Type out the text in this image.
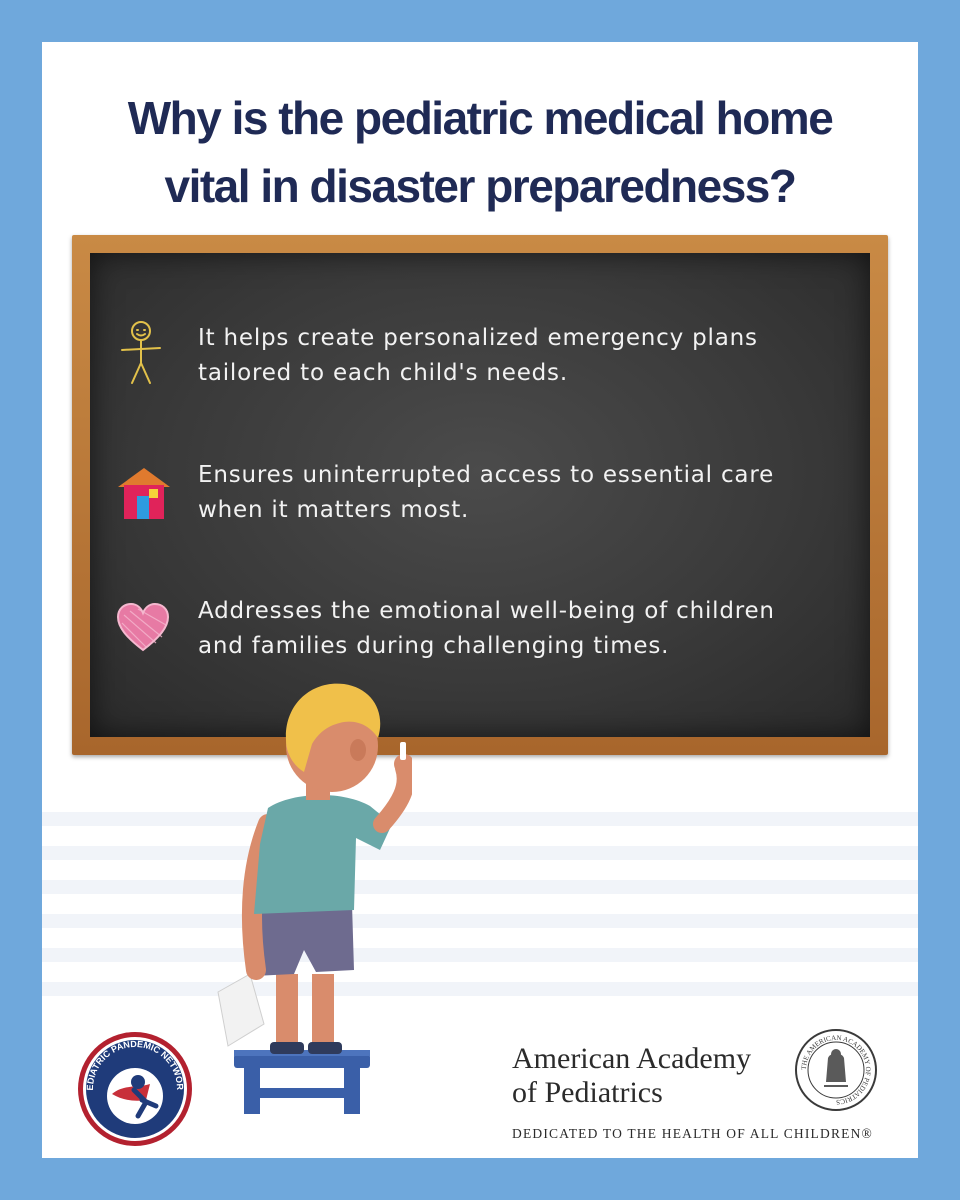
Why is the pediatric medical home
vital in disaster preparedness?
It helps create personalized emergency plans
tailored to each child's needs.
Ensures uninterrupted access to essential care
when it matters most.
Addresses the emotional well-being of children
and families during challenging times.
EDIATRIC PANDEMIC NETWOR
American Academy
of Pediatrics
DEDICATED TO THE HEALTH OF ALL CHILDREN®
THE AMERICAN ACADEMY OF PEDIATRICS
